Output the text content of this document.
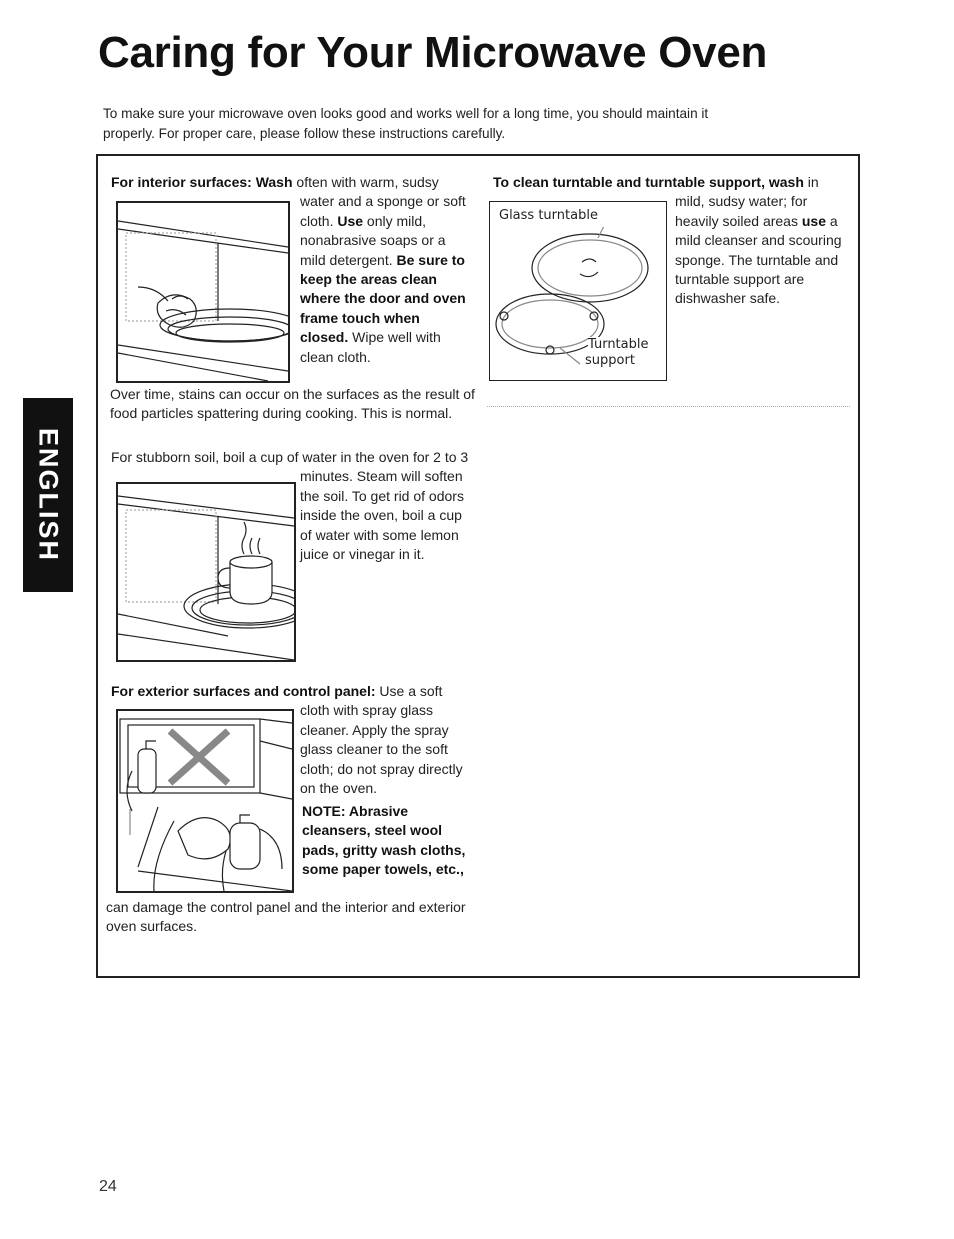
Caring for Your Microwave Oven
To make sure your microwave oven looks good and works well for a long time, you should maintain it properly. For proper care, please follow these instructions carefully.
ENGLISH

For interior surfaces: Wash often with warm, sudsy water and a sponge or soft cloth. Use only mild, nonabrasive soaps or a mild detergent. Be sure to keep the areas clean where the door and oven frame touch when closed. Wipe well with clean cloth.

Over time, stains can occur on the surfaces as the result of food particles spattering during cooking. This is normal.

For stubborn soil, boil a cup of water in the oven for 2 to 3 minutes. Steam will soften the soil. To get rid of odors inside the oven, boil a cup of water with some lemon juice or vinegar in it.

For exterior surfaces and control panel: Use a soft cloth with spray glass cleaner. Apply the spray glass cleaner to the soft cloth; do not spray directly on the oven.

NOTE: Abrasive cleansers, steel wool pads, gritty wash cloths, some paper towels, etc.,

can damage the control panel and the interior and exterior oven surfaces.

To clean turntable and turntable support, wash in mild, sudsy water; for heavily soiled areas use a mild cleanser and scouring sponge. The turntable and turntable support are dishwasher safe.

Glass turntable
Turntable
support
24
